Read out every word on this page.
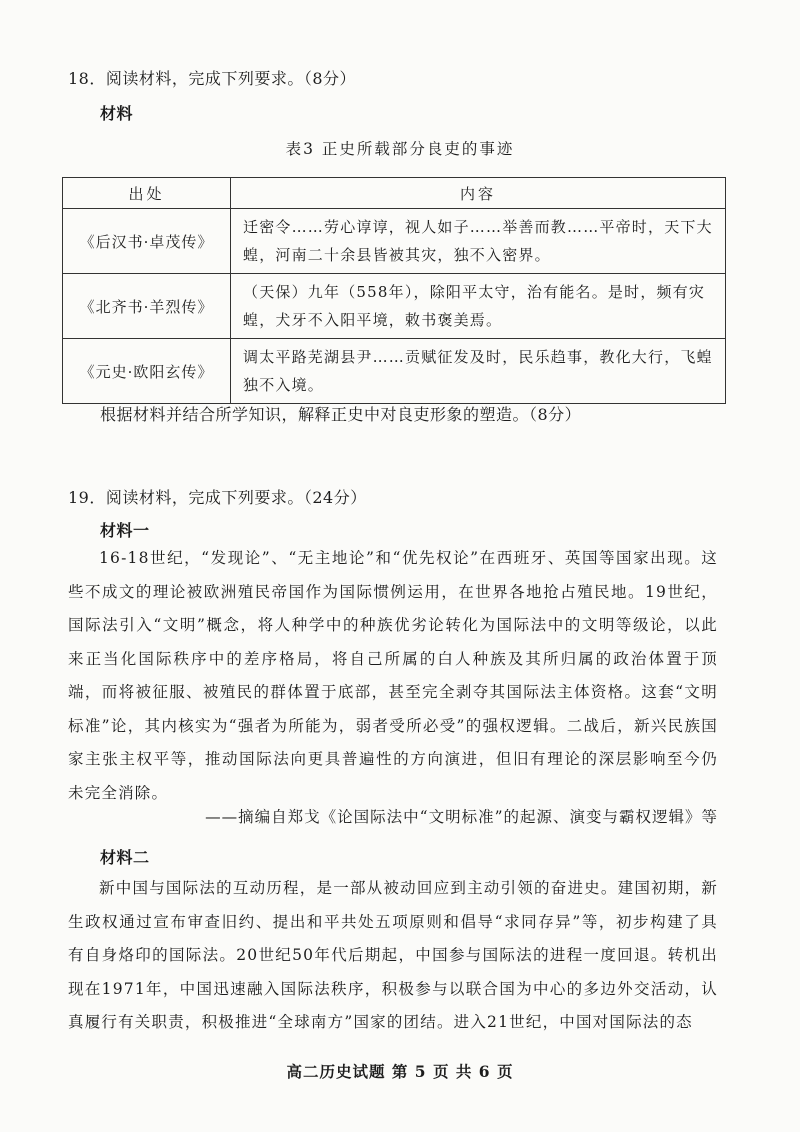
18．阅读材料，完成下列要求。（8分）
材料
表3 正史所载部分良吏的事迹
出处	内容
《后汉书·卓茂传》	迁密令……劳心谆谆，视人如子……举善而教……平帝时，天下大蝗，河南二十余县皆被其灾，独不入密界。
《北齐书·羊烈传》	（天保）九年（558年），除阳平太守，治有能名。是时，频有灾蝗，犬牙不入阳平境，敕书褒美焉。
《元史·欧阳玄传》	调太平路芜湖县尹……贡赋征发及时，民乐趋事，教化大行，飞蝗独不入境。
根据材料并结合所学知识，解释正史中对良吏形象的塑造。（8分）
19．阅读材料，完成下列要求。（24分）
材料一
16-18世纪，“发现论”、“无主地论”和“优先权论”在西班牙、英国等国家出现。这些不成文的理论被欧洲殖民帝国作为国际惯例运用，在世界各地抢占殖民地。19世纪，国际法引入“文明”概念，将人种学中的种族优劣论转化为国际法中的文明等级论，以此来正当化国际秩序中的差序格局，将自己所属的白人种族及其所归属的政治体置于顶端，而将被征服、被殖民的群体置于底部，甚至完全剥夺其国际法主体资格。这套“文明标准”论，其内核实为“强者为所能为，弱者受所必受”的强权逻辑。二战后，新兴民族国家主张主权平等，推动国际法向更具普遍性的方向演进，但旧有理论的深层影响至今仍未完全消除。
——摘编自郑戈《论国际法中“文明标准”的起源、演变与霸权逻辑》等
材料二
新中国与国际法的互动历程，是一部从被动回应到主动引领的奋进史。建国初期，新生政权通过宣布审查旧约、提出和平共处五项原则和倡导“求同存异”等，初步构建了具有自身烙印的国际法。20世纪50年代后期起，中国参与国际法的进程一度回退。转机出现在1971年，中国迅速融入国际法秩序，积极参与以联合国为中心的多边外交活动，认真履行有关职责，积极推进“全球南方”国家的团结。进入21世纪，中国对国际法的态
高二历史试题 第 5 页 共 6 页
